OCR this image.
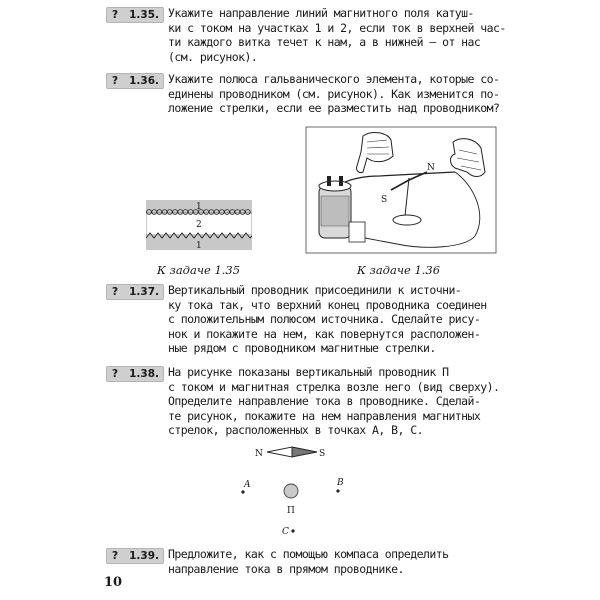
? 1.35. Укажите направление линий магнитного поля катуш-
ки с током на участках 1 и 2, если ток в верхней час-
ти каждого витка течет к нам, а в нижней — от нас
(см. рисунок).
? 1.36. Укажите полюса гальванического элемента, которые со-
единены проводником (см. рисунок). Как изменится по-
ложение стрелки, если ее разместить над проводником?
1
2
1
К задаче 1.35
N
S
К задаче 1.36
? 1.37. Вертикальный проводник присоединили к источни-
ку тока так, что верхний конец проводника соединен
с положительным полюсом источника. Сделайте рису-
нок и покажите на нем, как повернутся расположен-
ные рядом с проводником магнитные стрелки.
? 1.38. На рисунке показаны вертикальный проводник П
с током и магнитная стрелка возле него (вид сверху).
Определите направление тока в проводнике. Сделай-
те рисунок, покажите на нем направления магнитных
стрелок, расположенных в точках A, B, C.
N	S
A	B
П
C
? 1.39. Предложите, как с помощью компаса определить
направление тока в прямом проводнике.
10
